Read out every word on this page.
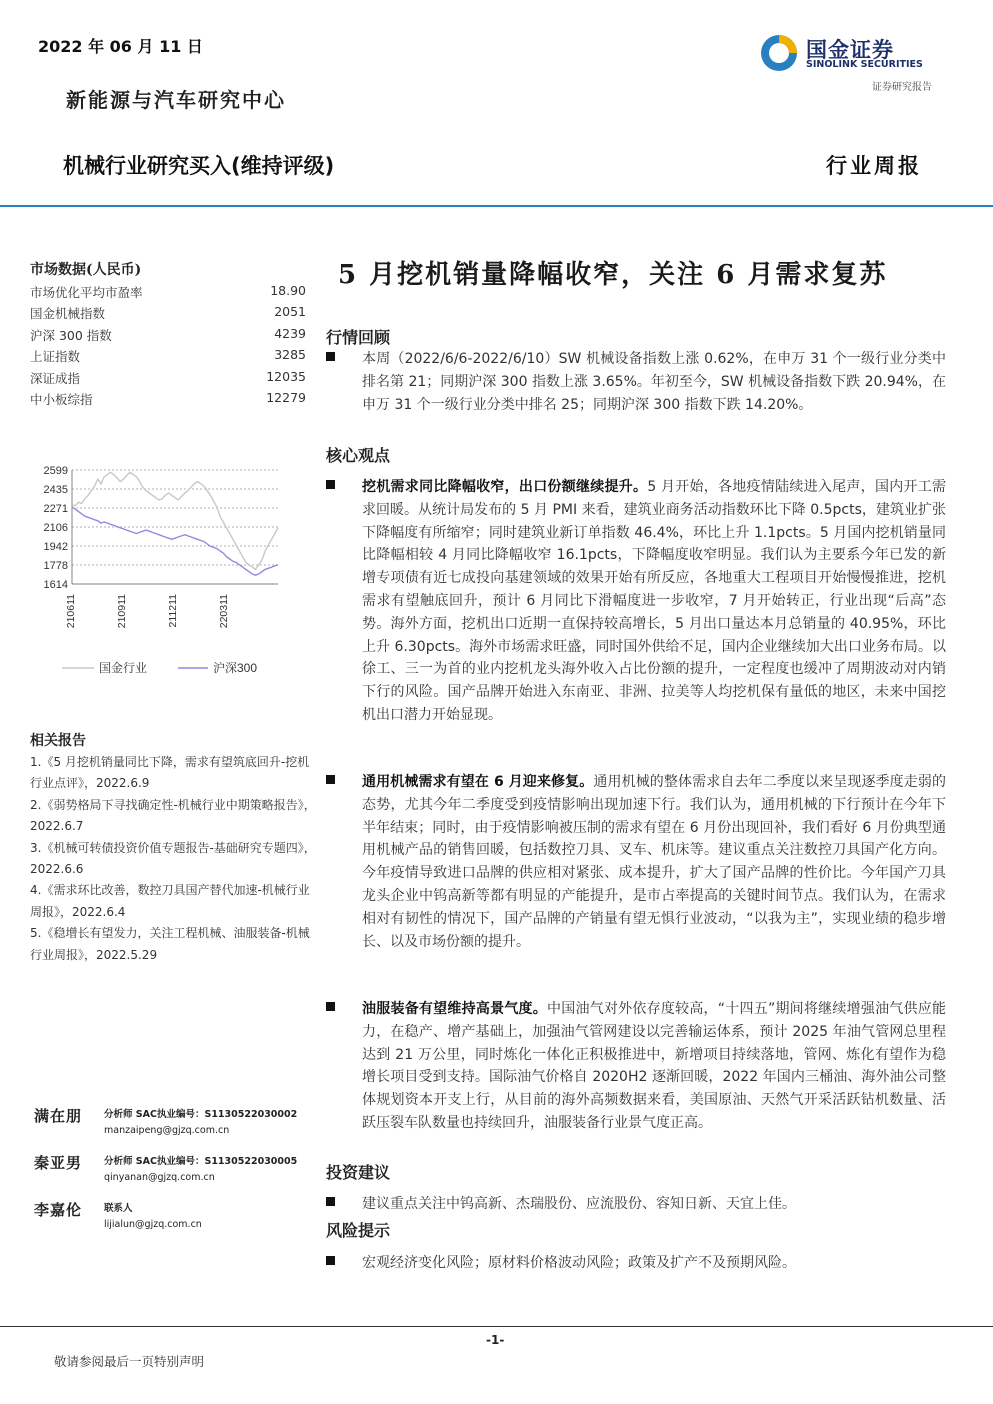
2022 年 06 月 11 日
新能源与汽车研究中心
国金证券
SINOLINK SECURITIES
证券研究报告
机械行业研究买入(维持评级)	行业周报
市场数据(人民币)
市场优化平均市盈率	18.90
国金机械指数	2051
沪深 300 指数	4239
上证指数	3285
深证成指	12035
中小板综指	12279
2599
2435
2271
2106
1942
1778
1614
210611	210911	211211	220311
国金行业	沪深300
相关报告
1.《5 月挖机销量同比下降，需求有望筑底回升-挖机行业点评》，2022.6.9
2.《弱势格局下寻找确定性-机械行业中期策略报告》，2022.6.7
3.《机械可转债投资价值专题报告-基础研究专题四》，2022.6.6
4.《需求环比改善，数控刀具国产替代加速-机械行业周报》，2022.6.4
5.《稳增长有望发力，关注工程机械、油服装备-机械行业周报》，2022.5.29
满在朋 分析师 SAC执业编号：S1130522030002
manzaipeng@gjzq.com.cn
秦亚男 分析师 SAC执业编号：S1130522030005
qinyanan@gjzq.com.cn
李嘉伦 联系人
lijialun@gjzq.com.cn
5 月挖机销量降幅收窄，关注 6 月需求复苏
行情回顾
本周（2022/6/6-2022/6/10）SW 机械设备指数上涨 0.62%，在申万 31 个一级行业分类中排名第 21；同期沪深 300 指数上涨 3.65%。年初至今，SW 机械设备指数下跌 20.94%，在申万 31 个一级行业分类中排名 25；同期沪深 300 指数下跌 14.20%。
核心观点
挖机需求同比降幅收窄，出口份额继续提升。5 月开始，各地疫情陆续进入尾声，国内开工需求回暖。从统计局发布的 5 月 PMI 来看，建筑业商务活动指数环比下降 0.5pcts，建筑业扩张下降幅度有所缩窄；同时建筑业新订单指数 46.4%，环比上升 1.1pcts。5 月国内挖机销量同比降幅相较 4 月同比降幅收窄 16.1pcts，下降幅度收窄明显。我们认为主要系今年已发的新增专项债有近七成投向基建领域的效果开始有所反应，各地重大工程项目开始慢慢推进，挖机需求有望触底回升，预计 6 月同比下滑幅度进一步收窄，7 月开始转正，行业出现“后高”态势。海外方面，挖机出口近期一直保持较高增长，5 月出口量达本月总销量的 40.95%，环比上升 6.30pcts。海外市场需求旺盛，同时国外供给不足，国内企业继续加大出口业务布局。以徐工、三一为首的业内挖机龙头海外收入占比份额的提升，一定程度也缓冲了周期波动对内销下行的风险。国产品牌开始进入东南亚、非洲、拉美等人均挖机保有量低的地区，未来中国挖机出口潜力开始显现。
通用机械需求有望在 6 月迎来修复。通用机械的整体需求自去年二季度以来呈现逐季度走弱的态势，尤其今年二季度受到疫情影响出现加速下行。我们认为，通用机械的下行预计在今年下半年结束；同时，由于疫情影响被压制的需求有望在 6 月份出现回补，我们看好 6 月份典型通用机械产品的销售回暖，包括数控刀具、叉车、机床等。建议重点关注数控刀具国产化方向。今年疫情导致进口品牌的供应相对紧张、成本提升，扩大了国产品牌的性价比。今年国产刀具龙头企业中钨高新等都有明显的产能提升，是市占率提高的关键时间节点。我们认为，在需求相对有韧性的情况下，国产品牌的产销量有望无惧行业波动，“以我为主”，实现业绩的稳步增长、以及市场份额的提升。
油服装备有望维持高景气度。中国油气对外依存度较高，“十四五”期间将继续增强油气供应能力，在稳产、增产基础上，加强油气管网建设以完善输运体系，预计 2025 年油气管网总里程达到 21 万公里，同时炼化一体化正积极推进中，新增项目持续落地，管网、炼化有望作为稳增长项目受到支持。国际油气价格自 2020H2 逐渐回暖，2022 年国内三桶油、海外油公司整体规划资本开支上行，从目前的海外高频数据来看，美国原油、天然气开采活跃钻机数量、活跃压裂车队数量也持续回升，油服装备行业景气度正高。
投资建议
建议重点关注中钨高新、杰瑞股份、应流股份、容知日新、天宜上佳。
风险提示
宏观经济变化风险；原材料价格波动风险；政策及扩产不及预期风险。
-1-
敬请参阅最后一页特别声明
